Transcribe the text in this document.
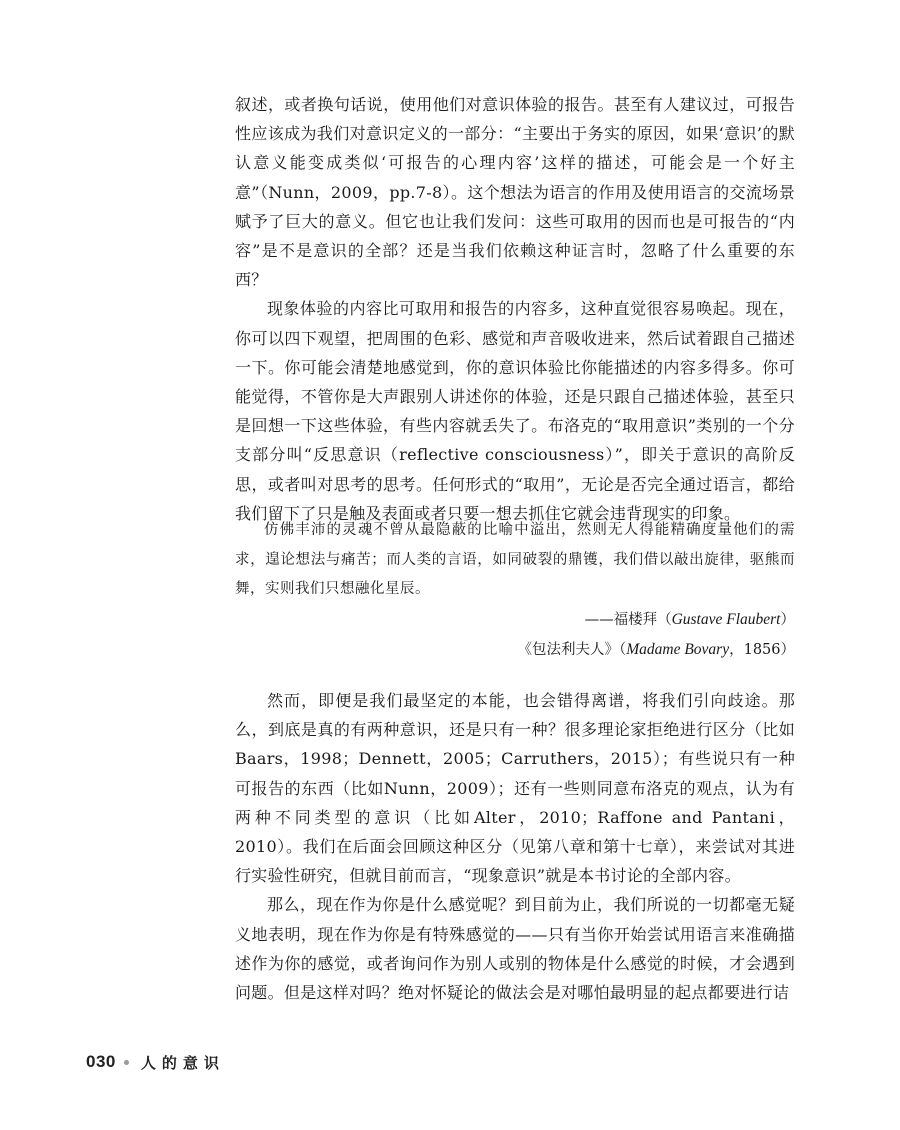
叙述，或者换句话说，使用他们对意识体验的报告。甚至有人建议过，可报告性应该成为我们对意识定义的一部分：“主要出于务实的原因，如果‘意识’的默认意义能变成类似‘可报告的心理内容’这样的描述，可能会是一个好主意”（Nunn，2009，pp.7-8）。这个想法为语言的作用及使用语言的交流场景赋予了巨大的意义。但它也让我们发问：这些可取用的因而也是可报告的“内容”是不是意识的全部？还是当我们依赖这种证言时，忽略了什么重要的东西？

现象体验的内容比可取用和报告的内容多，这种直觉很容易唤起。现在，你可以四下观望，把周围的色彩、感觉和声音吸收进来，然后试着跟自己描述一下。你可能会清楚地感觉到，你的意识体验比你能描述的内容多得多。你可能觉得，不管你是大声跟别人讲述你的体验，还是只跟自己描述体验，甚至只是回想一下这些体验，有些内容就丢失了。布洛克的“取用意识”类别的一个分支部分叫“反思意识（reflective consciousness）”，即关于意识的高阶反思，或者叫对思考的思考。任何形式的“取用”，无论是否完全通过语言，都给我们留下了只是触及表面或者只要一想去抓住它就会违背现实的印象。

仿佛丰沛的灵魂不曾从最隐蔽的比喻中溢出，然则无人得能精确度量他们的需求，遑论想法与痛苦；而人类的言语，如同破裂的鼎镬，我们借以敲出旋律，驱熊而舞，实则我们只想融化星辰。

——福楼拜（Gustave Flaubert）

《包法利夫人》（Madame Bovary，1856）

然而，即便是我们最坚定的本能，也会错得离谱，将我们引向歧途。那么，到底是真的有两种意识，还是只有一种？很多理论家拒绝进行区分（比如Baars，1998；Dennett，2005；Carruthers，2015）；有些说只有一种可报告的东西（比如Nunn，2009）；还有一些则同意布洛克的观点，认为有两种不同类型的意识（比如Alter，2010；Raffone and Pantani，2010）。我们在后面会回顾这种区分（见第八章和第十七章），来尝试对其进行实验性研究，但就目前而言，“现象意识”就是本书讨论的全部内容。

那么，现在作为你是什么感觉呢？到目前为止，我们所说的一切都毫无疑义地表明，现在作为你是有特殊感觉的——只有当你开始尝试用语言来准确描述作为你的感觉，或者询问作为别人或别的物体是什么感觉的时候，才会遇到问题。但是这样对吗？绝对怀疑论的做法会是对哪怕最明显的起点都要进行诘

030 人的意识
